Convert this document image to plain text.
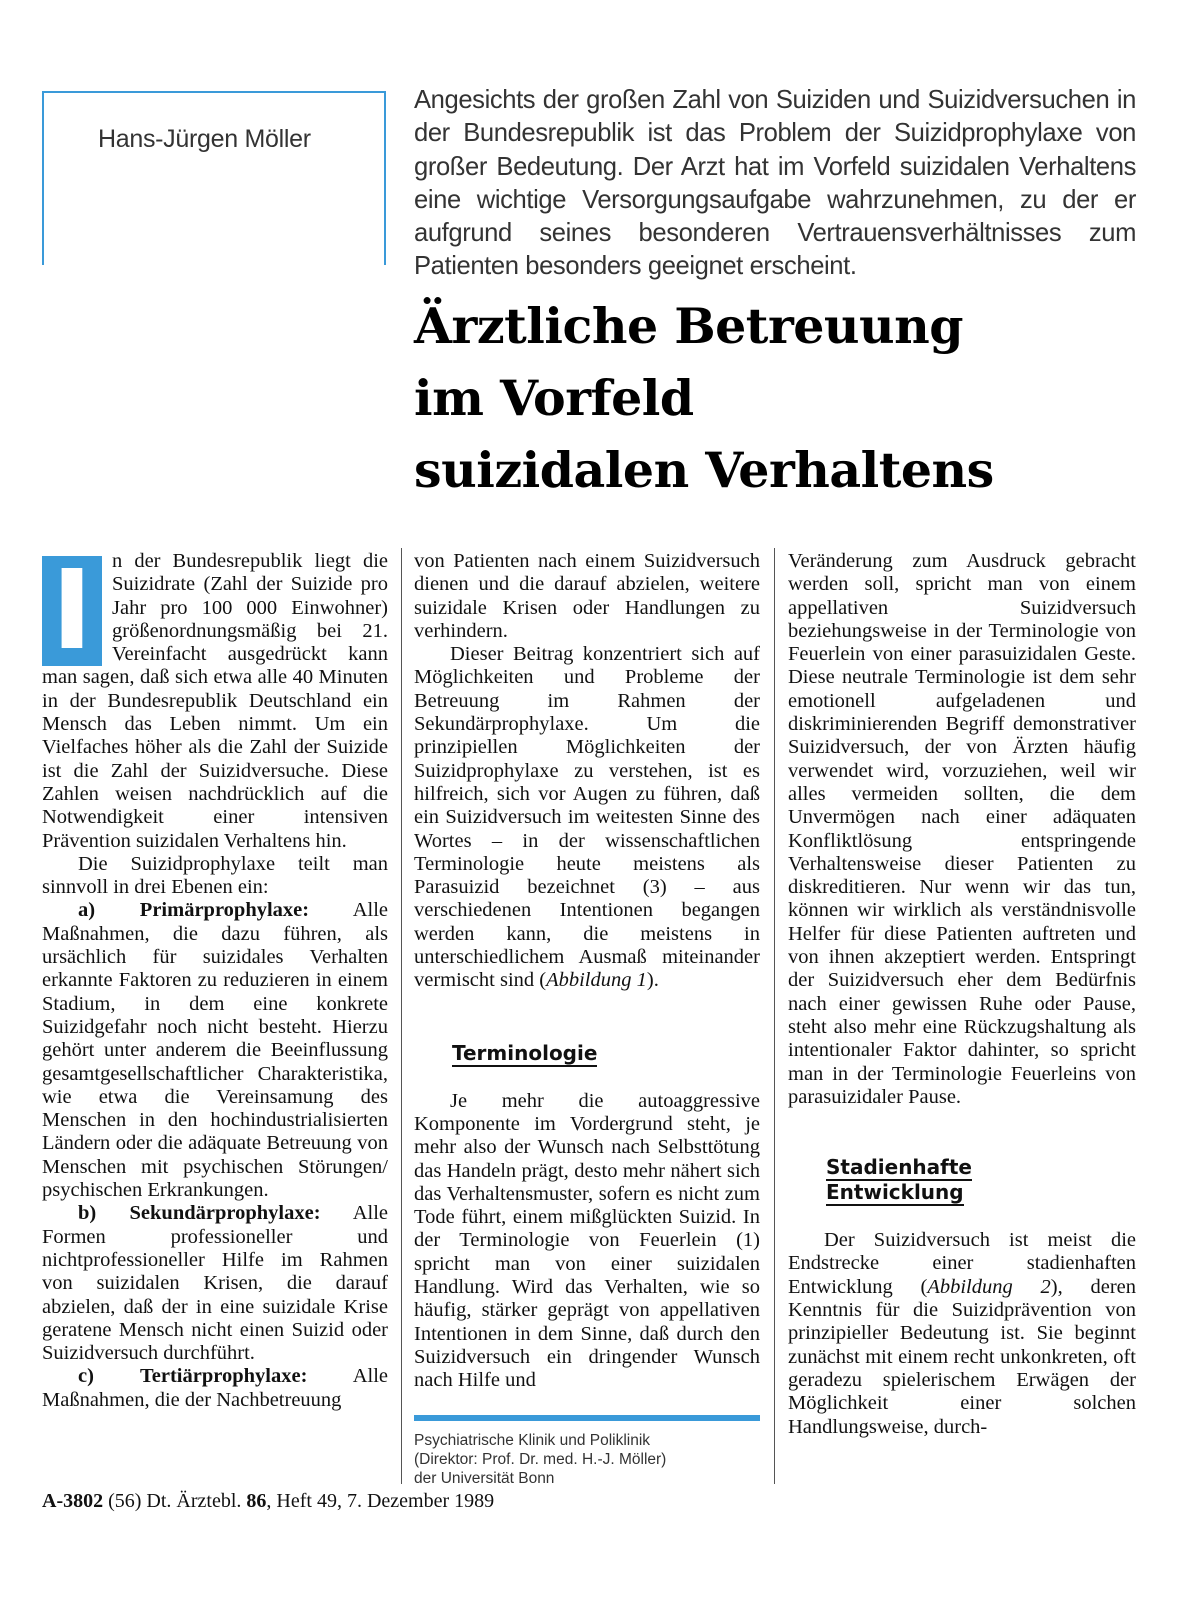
Hans-Jürgen Möller

Angesichts der großen Zahl von Suiziden und Suizidversuchen in der Bundesrepublik ist das Problem der Suizidprophylaxe von großer Bedeutung. Der Arzt hat im Vorfeld suizidalen Verhaltens eine wichtige Versorgungsaufgabe wahrzunehmen, zu der er aufgrund seines besonderen Vertrauensverhältnisses zum Patienten besonders geeignet erscheint.

Ärztliche Betreuung
im Vorfeld
suizidalen Verhaltens
I n der Bundesrepublik liegt die Suizidrate (Zahl der Suizide pro Jahr pro 100 000 Einwohner) größenordnungsmäßig bei 21. Vereinfacht ausgedrückt kann man sagen, daß sich etwa alle 40 Minuten in der Bundesrepublik Deutschland ein Mensch das Leben nimmt. Um ein Vielfaches höher als die Zahl der Suizide ist die Zahl der Suizidversuche. Diese Zahlen weisen nachdrücklich auf die Notwendigkeit einer intensiven Prävention suizidalen Verhaltens hin.

Die Suizidprophylaxe teilt man sinnvoll in drei Ebenen ein:

a) Primärprophylaxe: Alle Maßnahmen, die dazu führen, als ursächlich für suizidales Verhalten erkannte Faktoren zu reduzieren in einem Stadium, in dem eine konkrete Suizidgefahr noch nicht besteht. Hierzu gehört unter anderem die Beeinflussung gesamtgesellschaftlicher Charakteristika, wie etwa die Vereinsamung des Menschen in den hochindustrialisierten Ländern oder die adäquate Betreuung von Menschen mit psychischen Störungen/ psychischen Erkrankungen.

b) Sekundärprophylaxe: Alle Formen professioneller und nichtprofessioneller Hilfe im Rahmen von suizidalen Krisen, die darauf abzielen, daß der in eine suizidale Krise geratene Mensch nicht einen Suizid oder Suizidversuch durchführt.

c) Tertiärprophylaxe: Alle Maßnahmen, die der Nachbetreuung

von Patienten nach einem Suizidversuch dienen und die darauf abzielen, weitere suizidale Krisen oder Handlungen zu verhindern.

Dieser Beitrag konzentriert sich auf Möglichkeiten und Probleme der Betreuung im Rahmen der Sekundärprophylaxe. Um die prinzipiellen Möglichkeiten der Suizidprophylaxe zu verstehen, ist es hilfreich, sich vor Augen zu führen, daß ein Suizidversuch im weitesten Sinne des Wortes – in der wissenschaftlichen Terminologie heute meistens als Parasuizid bezeichnet (3) – aus verschiedenen Intentionen begangen werden kann, die meistens in unterschiedlichem Ausmaß miteinander vermischt sind (Abbildung 1).

Terminologie

Je mehr die autoaggressive Komponente im Vordergrund steht, je mehr also der Wunsch nach Selbsttötung das Handeln prägt, desto mehr nähert sich das Verhaltensmuster, sofern es nicht zum Tode führt, einem mißglückten Suizid. In der Terminologie von Feuerlein (1) spricht man von einer suizidalen Handlung. Wird das Verhalten, wie so häufig, stärker geprägt von appellativen Intentionen in dem Sinne, daß durch den Suizidversuch ein dringender Wunsch nach Hilfe und

Psychiatrische Klinik und Poliklinik

(Direktor: Prof. Dr. med. H.-J. Möller)

der Universität Bonn

Veränderung zum Ausdruck gebracht werden soll, spricht man von einem appellativen Suizidversuch beziehungsweise in der Terminologie von Feuerlein von einer parasuizidalen Geste. Diese neutrale Terminologie ist dem sehr emotionell aufgeladenen und diskriminierenden Begriff demonstrativer Suizidversuch, der von Ärzten häufig verwendet wird, vorzuziehen, weil wir alles vermeiden sollten, die dem Unvermögen nach einer adäquaten Konfliktlösung entspringende Verhaltensweise dieser Patienten zu diskreditieren. Nur wenn wir das tun, können wir wirklich als verständnisvolle Helfer für diese Patienten auftreten und von ihnen akzeptiert werden. Entspringt der Suizidversuch eher dem Bedürfnis nach einer gewissen Ruhe oder Pause, steht also mehr eine Rückzugshaltung als intentionaler Faktor dahinter, so spricht man in der Terminologie Feuerleins von parasuizidaler Pause.

Stadienhafte
Entwicklung

Der Suizidversuch ist meist die Endstrecke einer stadienhaften Entwicklung (Abbildung 2), deren Kenntnis für die Suizidprävention von prinzipieller Bedeutung ist. Sie beginnt zunächst mit einem recht unkonkreten, oft geradezu spielerischem Erwägen der Möglichkeit einer solchen Handlungsweise, durch-

A-3802 (56) Dt. Ärztebl. 86, Heft 49, 7. Dezember 1989
